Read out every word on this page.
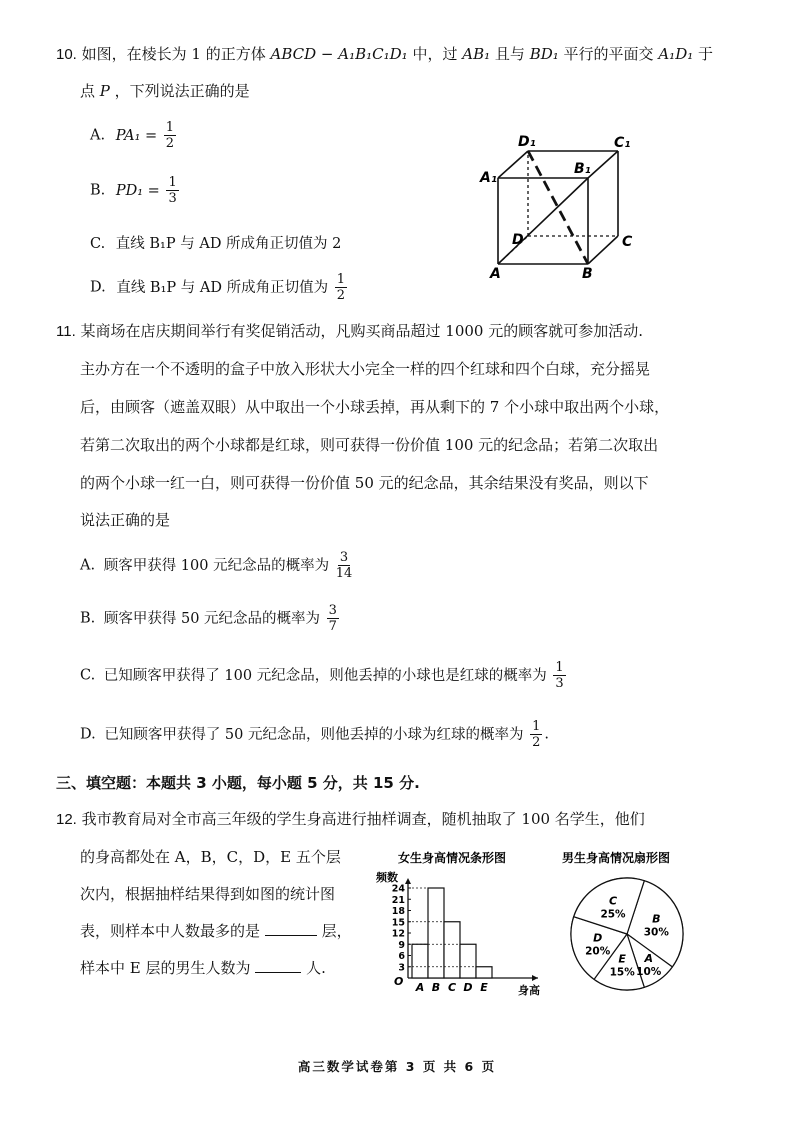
10. 如图，在棱长为 1 的正方体 ABCD − A₁B₁C₁D₁ 中，过 AB₁ 且与 BD₁ 平行的平面交 A₁D₁ 于
点 P ，下列说法正确的是
A. $PA_1 = \frac{1}{2}$
B. $PD_1 = \frac{1}{3}$
C. 直线 B₁P 与 AD 所成角正切值为 2
D. 直线 B₁P 与 AD 所成角正切值为 $\frac{1}{2}$	A	B
C
D
A₁
B₁
C₁
D₁
11. 某商场在店庆期间举行有奖促销活动，凡购买商品超过 1000 元的顾客就可参加活动.
主办方在一个不透明的盒子中放入形状大小完全一样的四个红球和四个白球，充分摇晃
后，由顾客（遮盖双眼）从中取出一个小球丢掉，再从剩下的 7 个小球中取出两个小球，
若第二次取出的两个小球都是红球，则可获得一份价值 100 元的纪念品；若第二次取出
的两个小球一红一白，则可获得一份价值 50 元的纪念品，其余结果没有奖品，则以下
说法正确的是
A. 顾客甲获得 100 元纪念品的概率为 $\frac{3}{14}$
B. 顾客甲获得 50 元纪念品的概率为 $\frac{3}{7}$
C. 已知顾客甲获得了 100 元纪念品，则他丢掉的小球也是红球的概率为 $\frac{1}{3}$
D. 已知顾客甲获得了 50 元纪念品，则他丢掉的小球为红球的概率为 $\frac{1}{2}$ .
三、填空题：本题共 3 小题，每小题 5 分，共 15 分.
12. 我市教育局对全市高三年级的学生身高进行抽样调查，随机抽取了 100 名学生，他们
的身高都处在 A，B，C，D，E 五个层
次内，根据抽样结果得到如图的统计图
表，则样本中人数最多的是	层，
样本中 E 层的男生人数为	人.
女生身高情况条形图
频数
3
6
9
12
15
18
21
24
A B C D E
O
身高
男生身高情况扇形图
B
30%
A
10%
E
15%
D
20%
C
25%
高三数学试卷第 3 页 共 6 页
